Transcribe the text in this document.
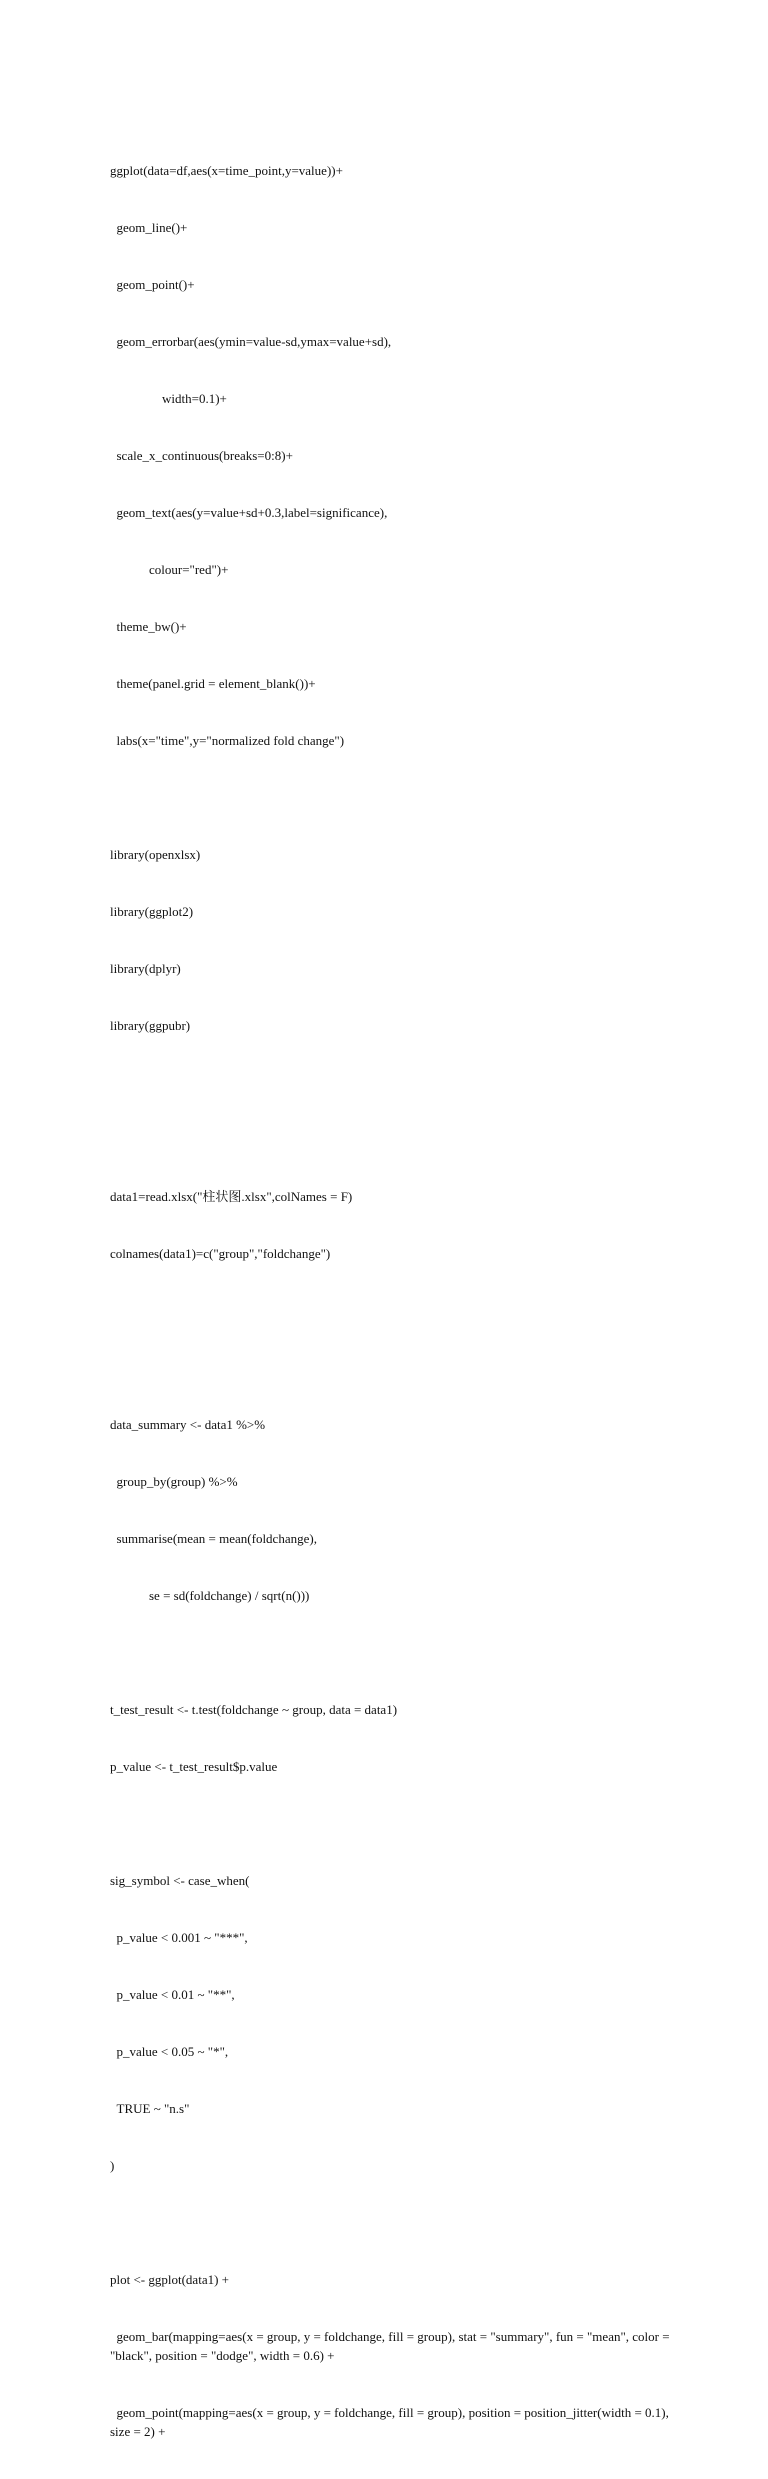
ggplot(data=df,aes(x=time_point,y=value))+

geom_line()+

geom_point()+

geom_errorbar(aes(ymin=value-sd,ymax=value+sd),

width=0.1)+

scale_x_continuous(breaks=0:8)+

geom_text(aes(y=value+sd+0.3,label=significance),

colour="red")+

theme_bw()+

theme(panel.grid = element_blank())+

labs(x="time",y="normalized fold change")

library(openxlsx)

library(ggplot2)

library(dplyr)

library(ggpubr)

data1=read.xlsx("柱状图.xlsx",colNames = F)

colnames(data1)=c("group","foldchange")

data_summary <- data1 %>%

group_by(group) %>%

summarise(mean = mean(foldchange),

se = sd(foldchange) / sqrt(n()))

t_test_result <- t.test(foldchange ~ group, data = data1)

p_value <- t_test_result$p.value

sig_symbol <- case_when(

p_value < 0.001 ~ "***",

p_value < 0.01 ~ "**",

p_value < 0.05 ~ "*",

TRUE ~ "n.s"

)

plot <- ggplot(data1) +

geom_bar(mapping=aes(x = group, y = foldchange, fill = group), stat = "summary", fun = "mean", color = "black", position = "dodge", width = 0.6) +

geom_point(mapping=aes(x = group, y = foldchange, fill = group), position = position_jitter(width = 0.1), size = 2) +
